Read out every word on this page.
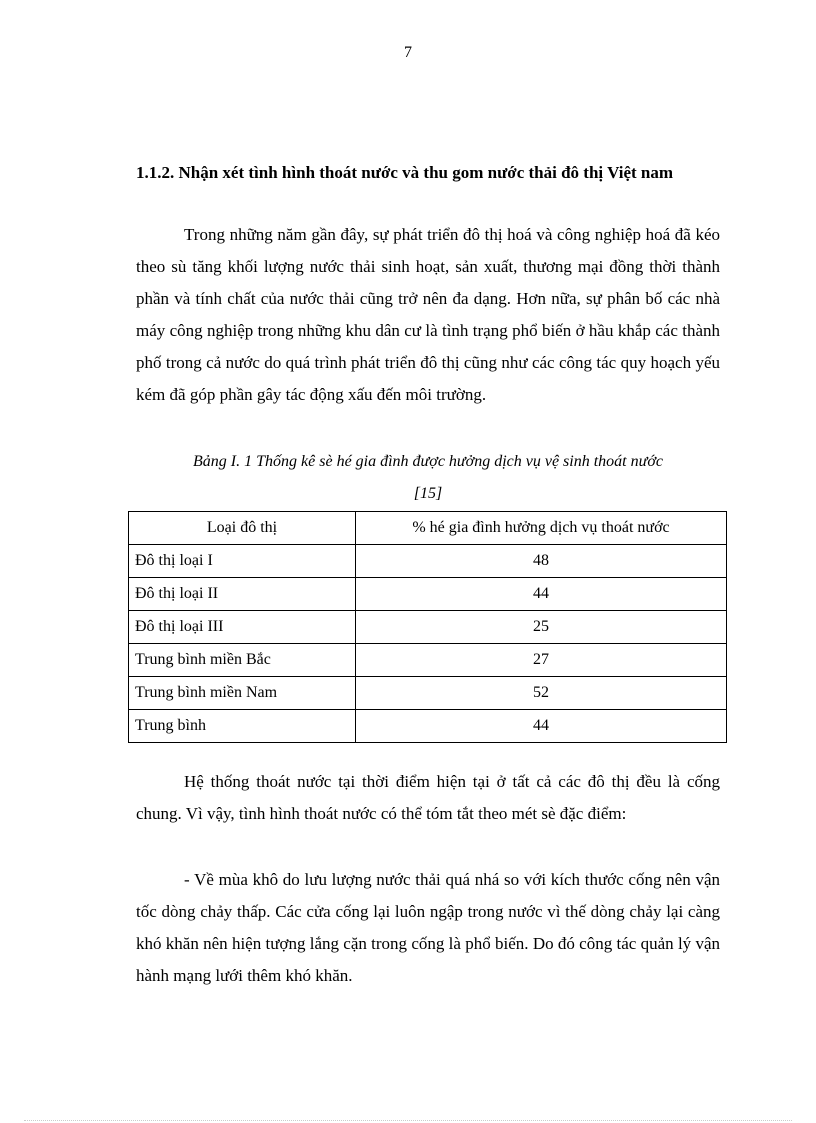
7

1.1.2. Nhận xét tình hình thoát nước và thu gom nước thải đô thị Việt nam

Trong những năm gần đây, sự phát triển đô thị hoá và công nghiệp hoá đã kéo theo sù tăng khối lượng nước thải sinh hoạt, sản xuất, thương mại đồng thời thành phần và tính chất của nước thải cũng trở nên đa dạng. Hơn nữa, sự phân bố các nhà máy công nghiệp trong những khu dân cư là tình trạng phổ biến ở hầu khắp các thành phố trong cả nước do quá trình phát triển đô thị cũng như các công tác quy hoạch yếu kém đã góp phần gây tác động xấu đến môi trường.

Bảng I. 1 Thống kê sè hé gia đình được hưởng dịch vụ vệ sinh thoát nước
[15]

Loại đô thị	% hé gia đình hưởng dịch vụ thoát nước
Đô thị loại I	48
Đô thị loại II	44
Đô thị loại III	25
Trung bình miền Bắc	27
Trung bình miền Nam	52
Trung bình	44

Hệ thống thoát nước tại thời điểm hiện tại ở tất cả các đô thị đều là cống chung. Vì vậy, tình hình thoát nước có thể tóm tắt theo mét sè đặc điểm:

- Về mùa khô do lưu lượng nước thải quá nhá so với kích thước cống nên vận tốc dòng chảy thấp. Các cửa cống lại luôn ngập trong nước vì thế dòng chảy lại càng khó khăn nên hiện tượng lắng cặn trong cống là phổ biến. Do đó công tác quản lý vận hành mạng lưới thêm khó khăn.
